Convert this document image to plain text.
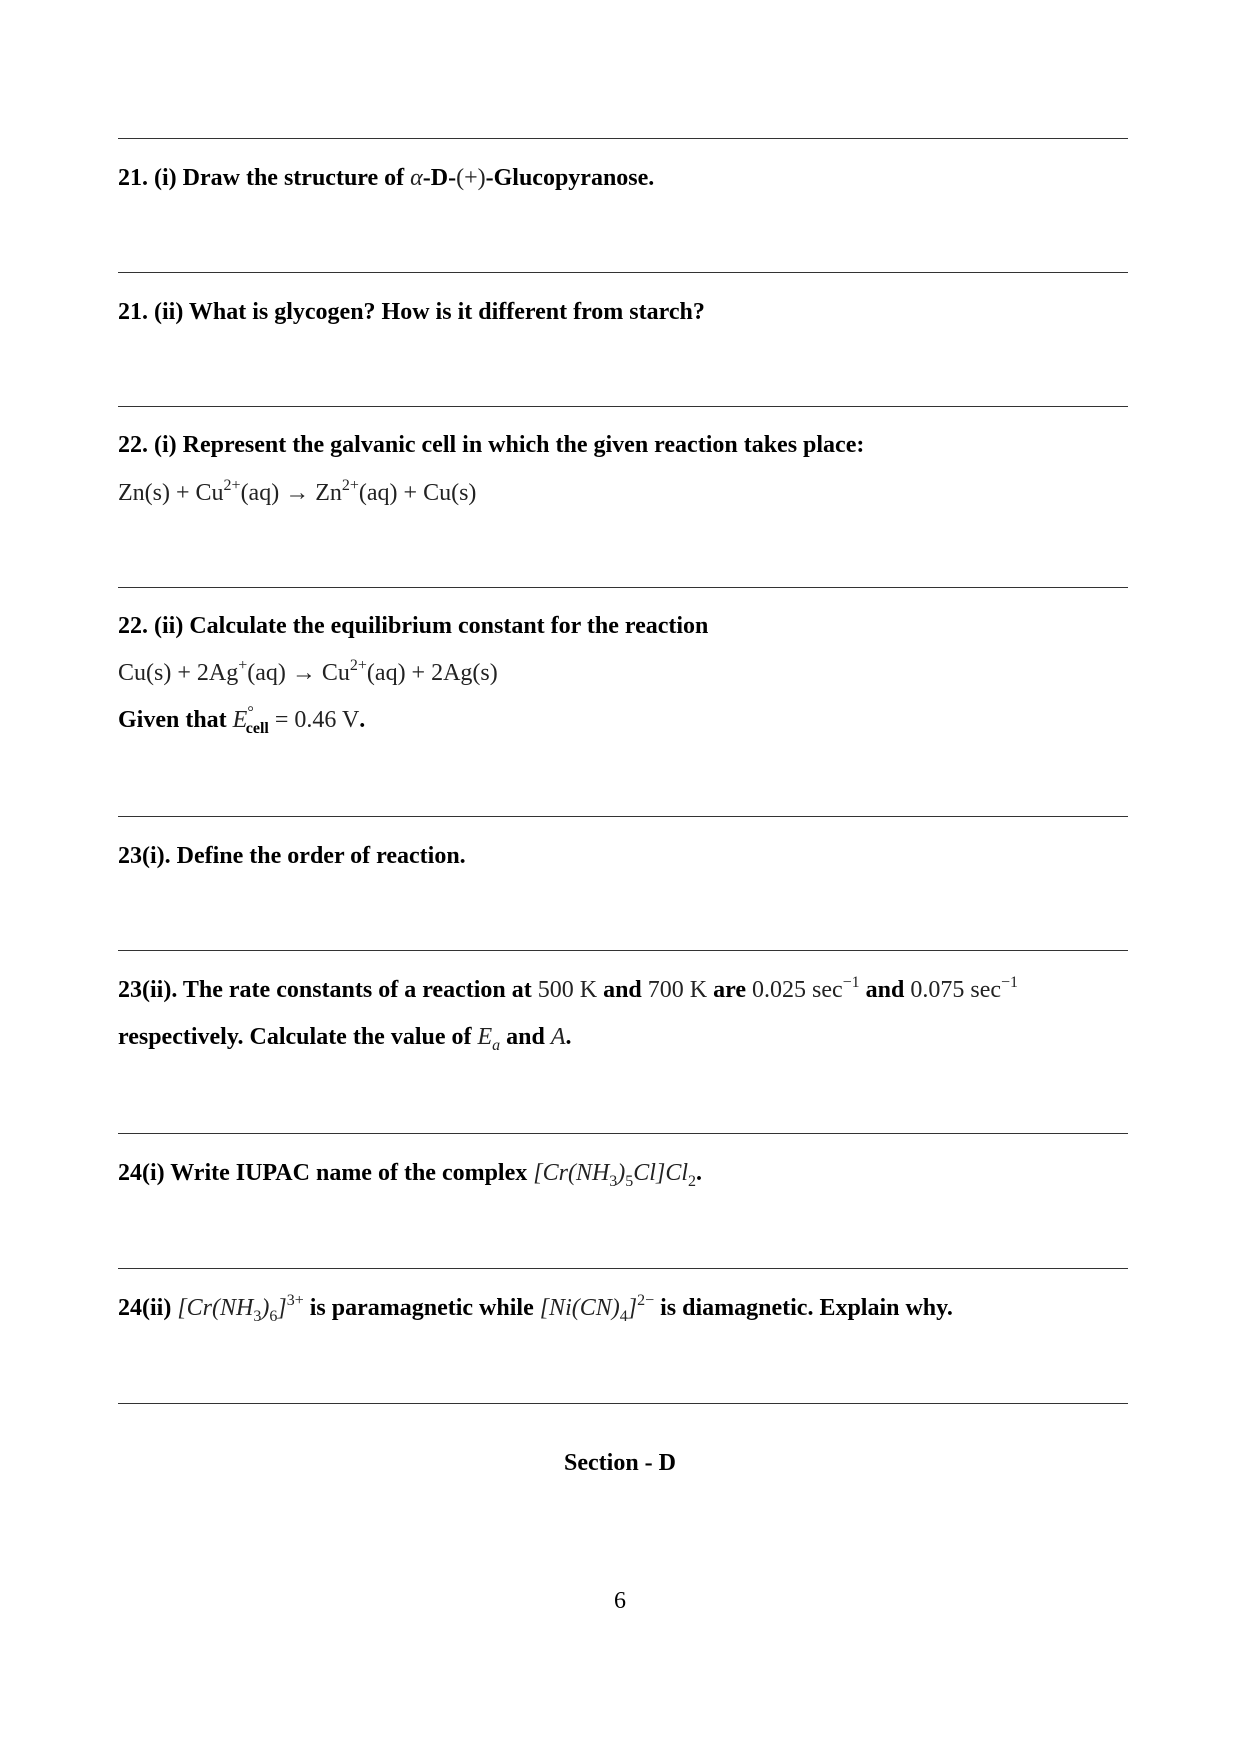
21. (i) Draw the structure of α-D-(+)-Glucopyranose.
21. (ii) What is glycogen? How is it different from starch?
22. (i) Represent the galvanic cell in which the given reaction takes place:
$Zn(s) + Cu^{2+}(aq) \to Zn^{2+}(aq) + Cu(s)$
22. (ii) Calculate the equilibrium constant for the reaction
$Cu(s) + 2Ag^+(aq) \to Cu^{2+}(aq) + 2Ag(s)$
Given that $E^\circ_{cell} = 0.46$ V.
23(i). Define the order of reaction.
23(ii). The rate constants of a reaction at 500 K and 700 K are 0.025 $\sec^{-1}$ and 0.075 $\sec^{-1}$
respectively. Calculate the value of $E_a$ and A.
24(i) Write IUPAC name of the complex $[Cr(NH_3)_5Cl]Cl_2$.
24(ii) $[Cr(NH_3)_6]^{3+}$ is paramagnetic while $[Ni(CN)_4]^{2-}$ is diamagnetic. Explain why.
Section - D
6
